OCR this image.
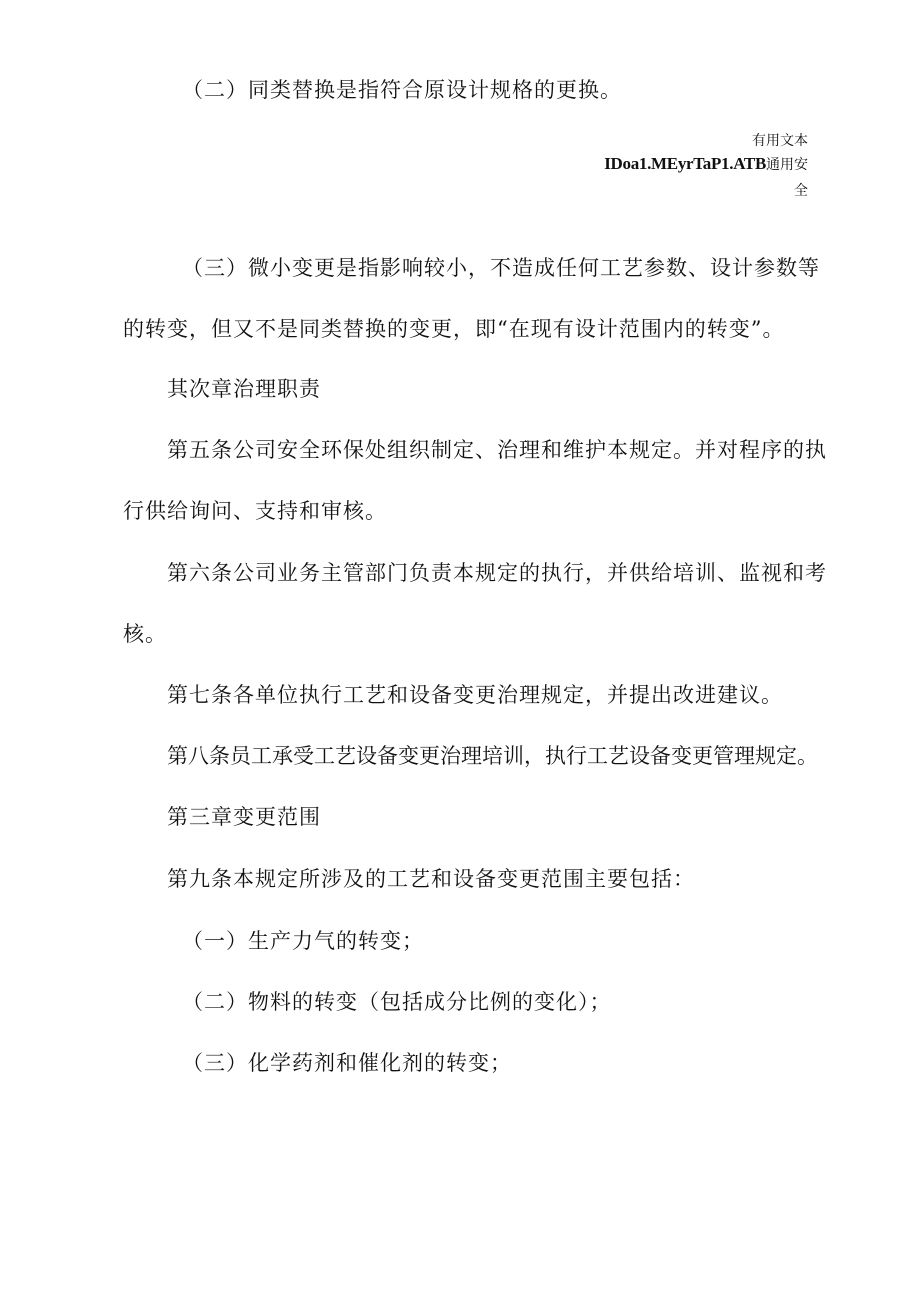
（二）同类替换是指符合原设计规格的更换。

有用文本
IDoa1.MEyrTaP1.ATB通用安
全

（三）微小变更是指影响较小，不造成任何工艺参数、设计参数等

的转变，但又不是同类替换的变更，即“在现有设计范围内的转变”。

其次章治理职责

第五条公司安全环保处组织制定、治理和维护本规定。并对程序的执

行供给询问、支持和审核。

第六条公司业务主管部门负责本规定的执行，并供给培训、监视和考

核。

第七条各单位执行工艺和设备变更治理规定，并提出改进建议。

第八条员工承受工艺设备变更治理培训，执行工艺设备变更管理规定。

第三章变更范围

第九条本规定所涉及的工艺和设备变更范围主要包括：

（一）生产力气的转变；

（二）物料的转变（包括成分比例的变化）；

（三）化学药剂和催化剂的转变；
